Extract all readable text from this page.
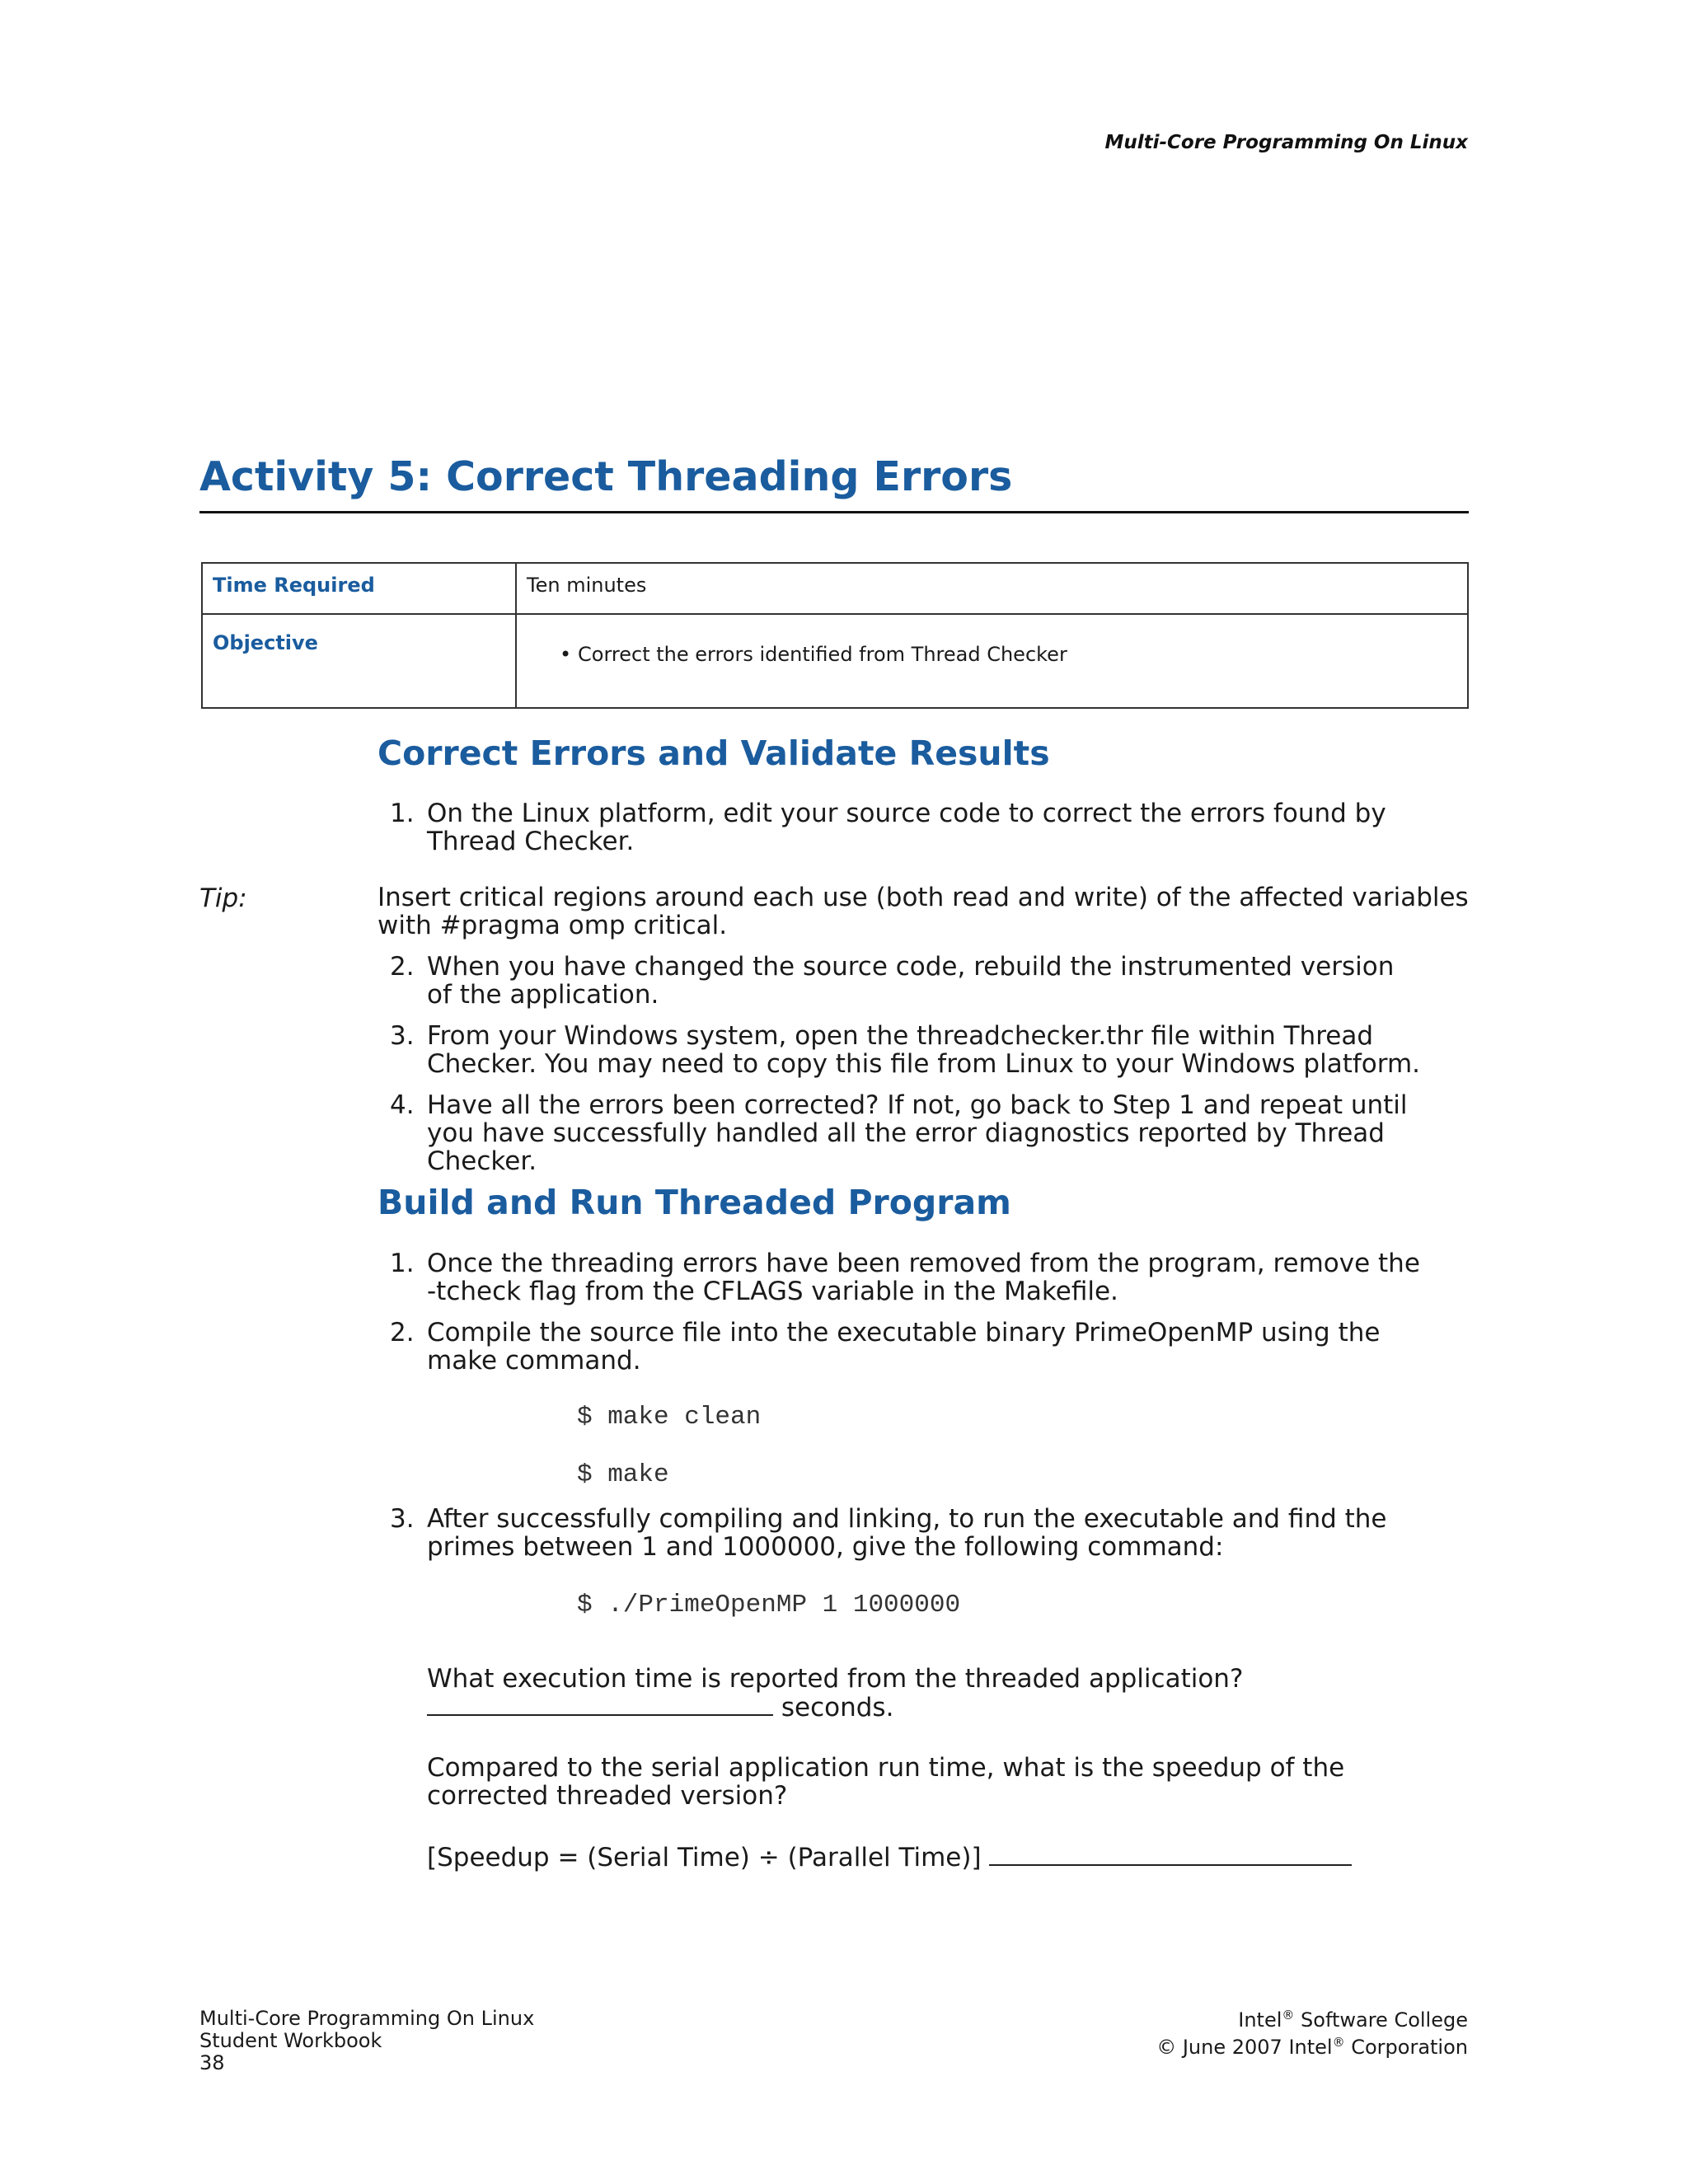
Multi-Core Programming On Linux
Activity 5: Correct Threading Errors
Time Required	Ten minutes
Objective	• Correct the errors identified from Thread Checker
Correct Errors and Validate Results
1. On the Linux platform, edit your source code to correct the errors found by Thread Checker.
Tip:	Insert critical regions around each use (both read and write) of the affected variables with #pragma omp critical.
2. When you have changed the source code, rebuild the instrumented version of the application.
3. From your Windows system, open the threadchecker.thr file within Thread Checker. You may need to copy this file from Linux to your Windows platform.
4. Have all the errors been corrected? If not, go back to Step 1 and repeat until you have successfully handled all the error diagnostics reported by Thread Checker.
Build and Run Threaded Program
1. Once the threading errors have been removed from the program, remove the -tcheck flag from the CFLAGS variable in the Makefile.
2. Compile the source file into the executable binary PrimeOpenMP using the make command.
$ make clean
$ make
3. After successfully compiling and linking, to run the executable and find the primes between 1 and 1000000, give the following command:
$ ./PrimeOpenMP 1 1000000
What execution time is reported from the threaded application?
seconds.
Compared to the serial application run time, what is the speedup of the corrected threaded version?
[Speedup = (Serial Time) ÷ (Parallel Time)]
Multi-Core Programming On Linux
Student Workbook
38
Intel® Software College
© June 2007 Intel® Corporation
